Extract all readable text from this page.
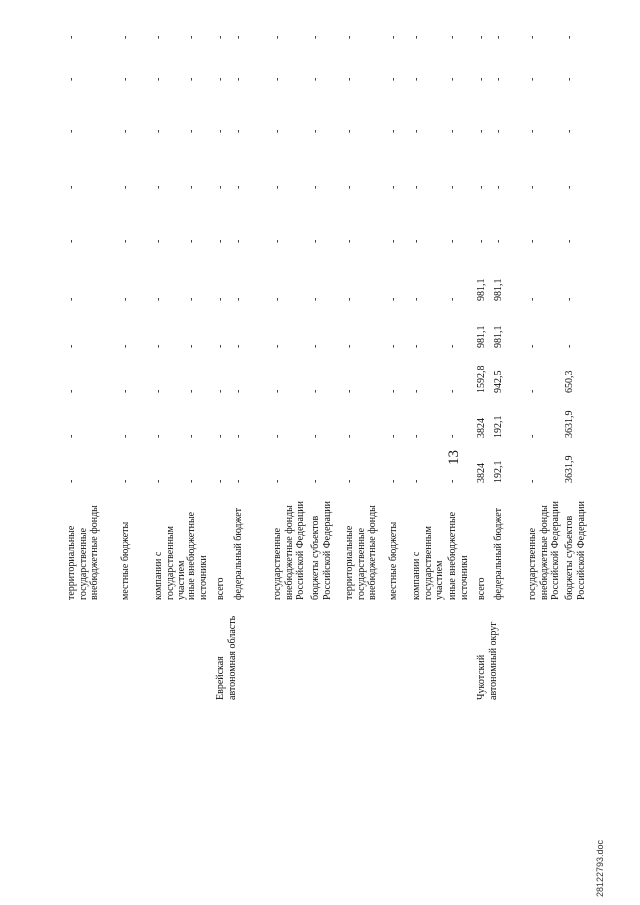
13
28122793.doc
территориальные государственные внебюджетные фонды
-
-
-
-
-
-
-
-
-
-
местные бюджеты
-
-
-
-
-
-
-
-
-
-
компании с государственным участием
-
-
-
-
-
-
-
-
-
-
иные внебюджетные источники
-
-
-
-
-
-
-
-
-
-
Еврейская автономная область
всего
-
-
-
-
-
-
-
-
-
-
федеральный бюджет
-
-
-
-
-
-
-
-
-
-
государственные внебюджетные фонды Российской Федерации
-
-
-
-
-
-
-
-
-
-
бюджеты субъектов Российской Федерации
-
-
-
-
-
-
-
-
-
-
территориальные государственные внебюджетные фонды
-
-
-
-
-
-
-
-
-
-
местные бюджеты
-
-
-
-
-
-
-
-
-
-
компании с государственным участием
-
-
-
-
-
-
-
-
-
-
иные внебюджетные источники
-
-
-
-
-
-
-
-
-
-
Чукотский автономный округ
всего
3824
3824
1592,8
981,1
981,1
-
-
-
-
-
федеральный бюджет
192,1
192,1
942,5
981,1
981,1
-
-
-
-
-
государственные внебюджетные фонды Российской Федерации
-
-
-
-
-
-
-
-
-
-
бюджеты субъектов Российской Федерации
3631,9
3631,9
650,3
-
-
-
-
-
-
-
